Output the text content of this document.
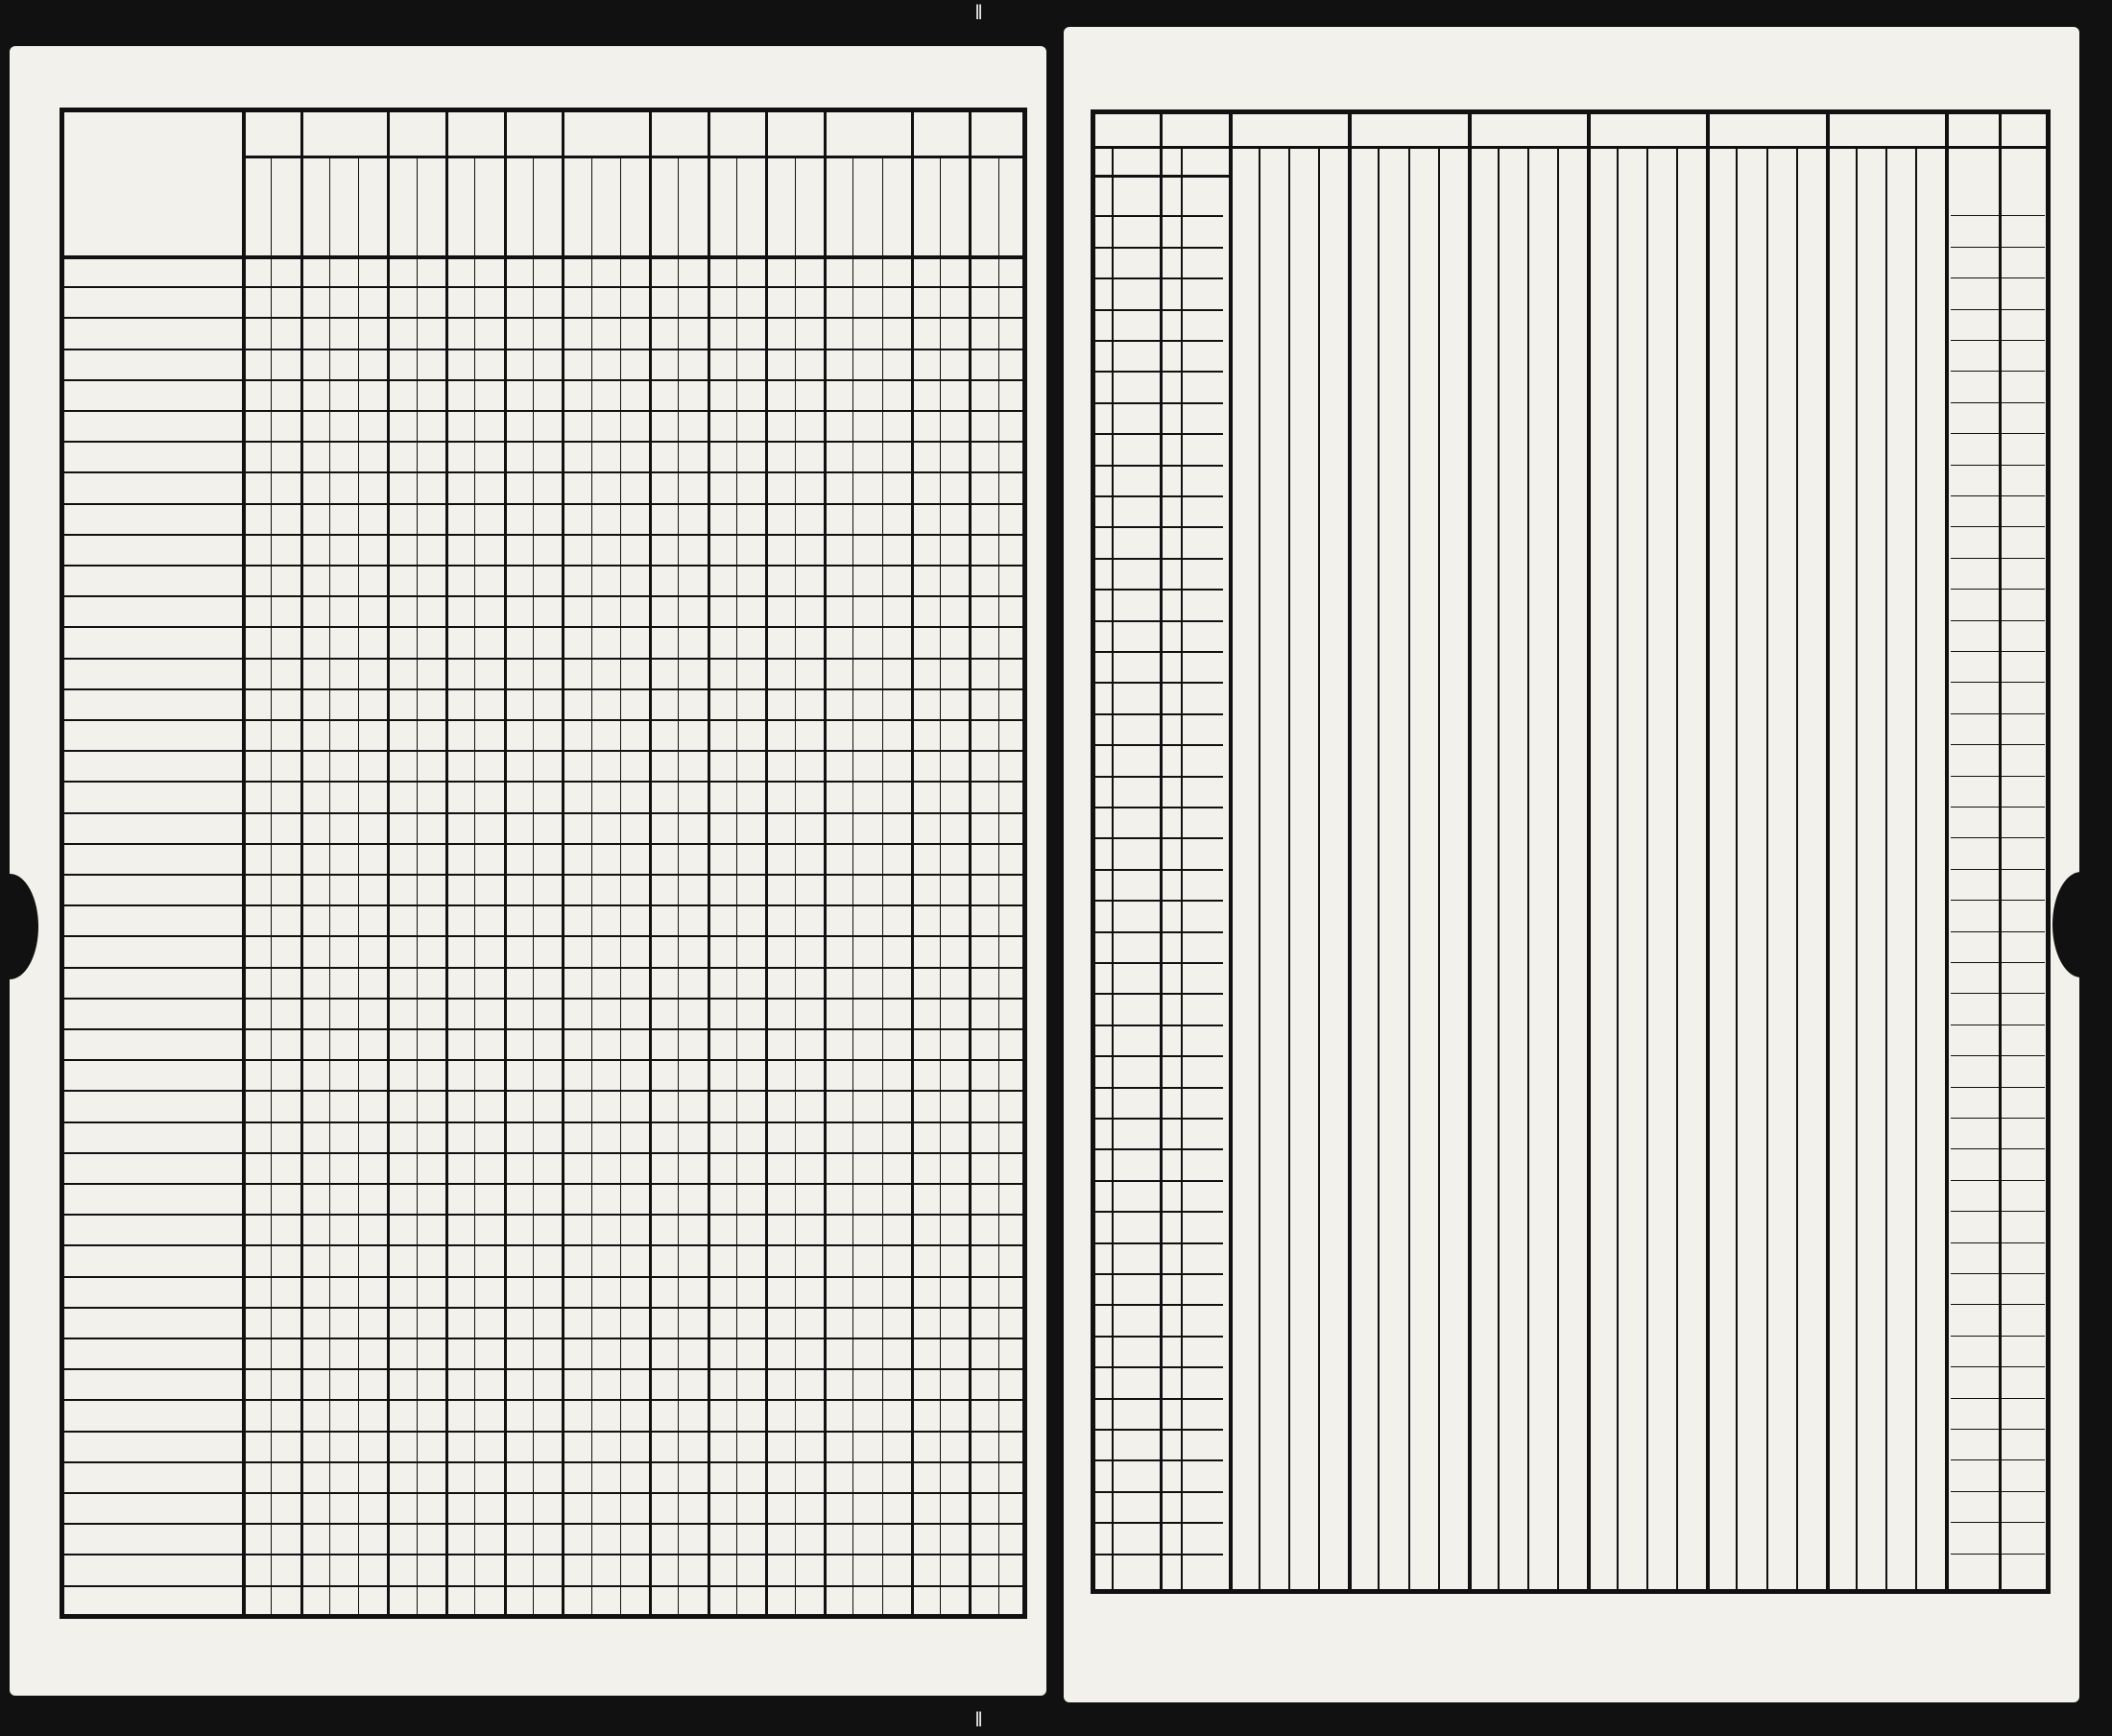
‖
‖
